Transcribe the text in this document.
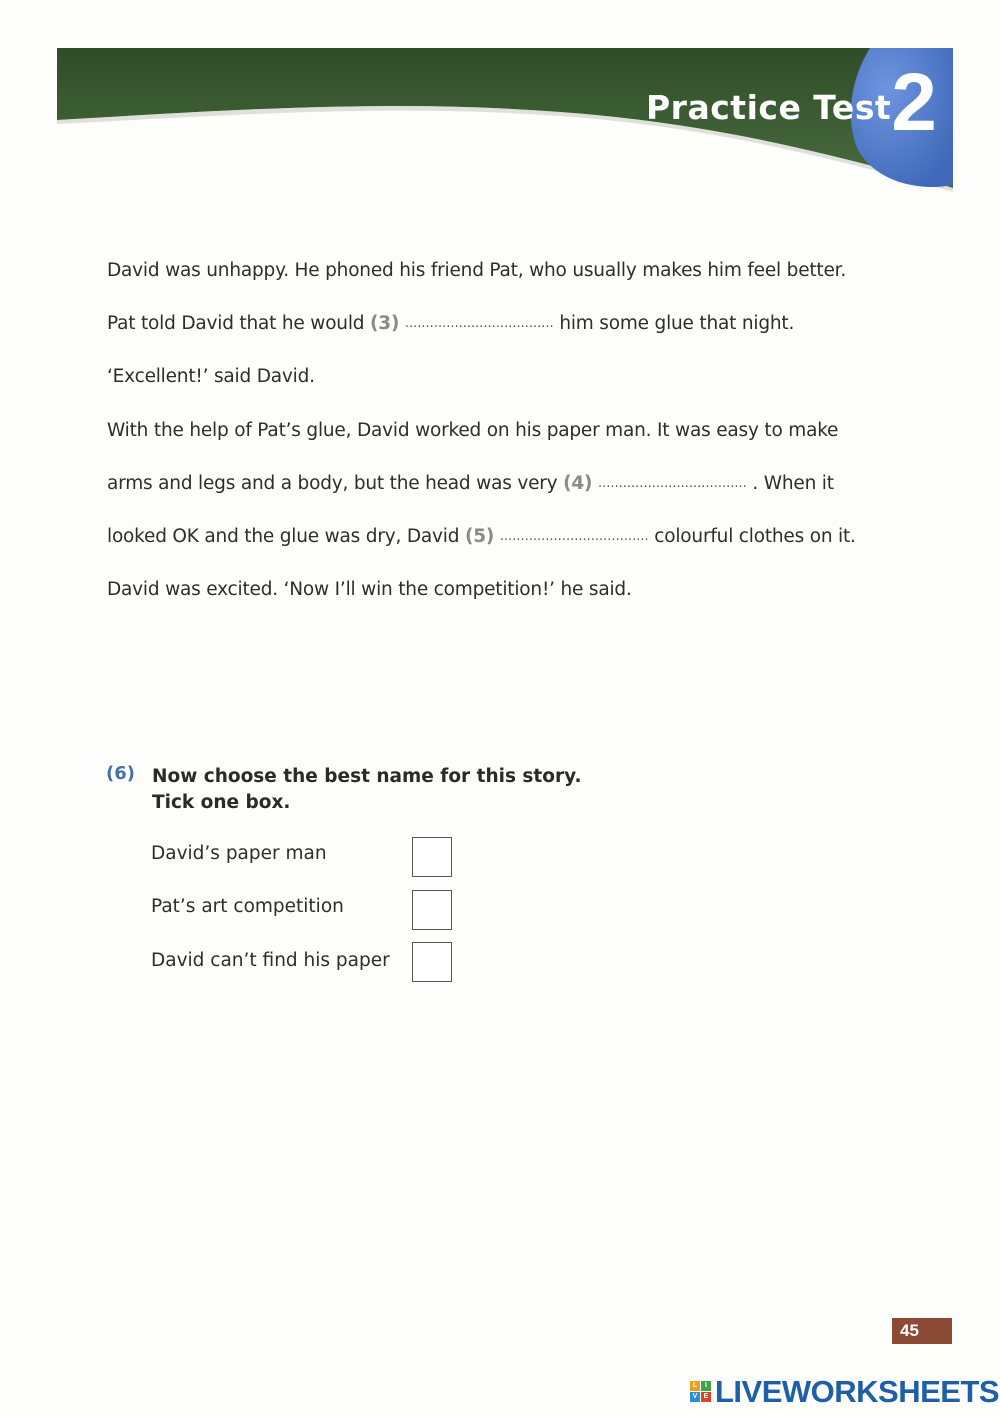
Practice Test 2
David was unhappy. He phoned his friend Pat, who usually makes him feel better.
Pat told David that he would (3) .................................... him some glue that night.
‘Excellent!’ said David.
With the help of Pat’s glue, David worked on his paper man. It was easy to make
arms and legs and a body, but the head was very (4) .................................... . When it
looked OK and the glue was dry, David (5) .................................... colourful clothes on it.
David was excited. ‘Now I’ll win the competition!’ he said.
(6) Now choose the best name for this story.
Tick one box.
David’s paper man
Pat’s art competition
David can’t find his paper
45
L	I
V E LIVEWORKSHEETS
